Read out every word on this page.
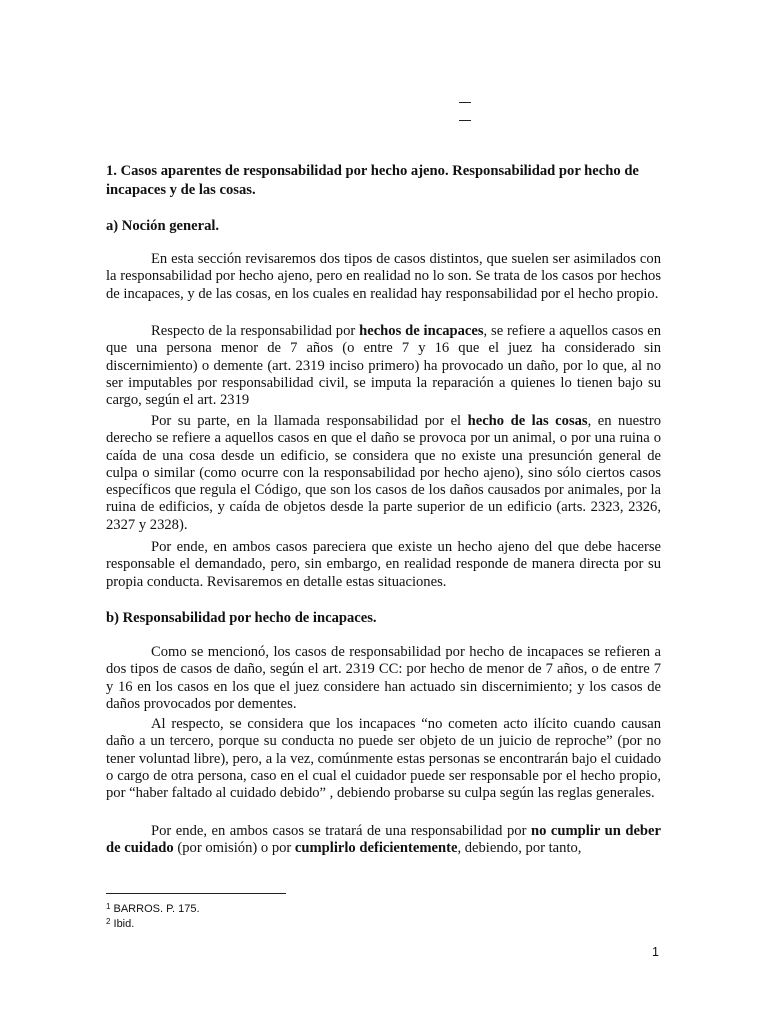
1. Casos aparentes de responsabilidad por hecho ajeno. Responsabilidad por hecho de incapaces y de las cosas.

a) Noción general.

En esta sección revisaremos dos tipos de casos distintos, que suelen ser asimilados con la responsabilidad por hecho ajeno, pero en realidad no lo son. Se trata de los casos por hechos de incapaces, y de las cosas, en los cuales en realidad hay responsabilidad por el hecho propio.

Respecto de la responsabilidad por hechos de incapaces, se refiere a aquellos casos en que una persona menor de 7 años (o entre 7 y 16 que el juez ha considerado sin discernimiento) o demente (art. 2319 inciso primero) ha provocado un daño, por lo que, al no ser imputables por responsabilidad civil, se imputa la reparación a quienes lo tienen bajo su cargo, según el art. 2319

Por su parte, en la llamada responsabilidad por el hecho de las cosas, en nuestro derecho se refiere a aquellos casos en que el daño se provoca por un animal, o por una ruina o caída de una cosa desde un edificio, se considera que no existe una presunción general de culpa o similar (como ocurre con la responsabilidad por hecho ajeno), sino sólo ciertos casos específicos que regula el Código, que son los casos de los daños causados por animales, por la ruina de edificios, y caída de objetos desde la parte superior de un edificio (arts. 2323, 2326, 2327 y 2328).

Por ende, en ambos casos pareciera que existe un hecho ajeno del que debe hacerse responsable el demandado, pero, sin embargo, en realidad responde de manera directa por su propia conducta. Revisaremos en detalle estas situaciones.

b) Responsabilidad por hecho de incapaces.

Como se mencionó, los casos de responsabilidad por hecho de incapaces se refieren a dos tipos de casos de daño, según el art. 2319 CC: por hecho de menor de 7 años, o de entre 7 y 16 en los casos en los que el juez considere han actuado sin discernimiento; y los casos de daños provocados por dementes.

Al respecto, se considera que los incapaces “no cometen acto ilícito cuando causan daño a un tercero, porque su conducta no puede ser objeto de un juicio de reproche” (por no tener voluntad libre), pero, a la vez, comúnmente estas personas se encontrarán bajo el cuidado o cargo de otra persona, caso en el cual el cuidador puede ser responsable por el hecho propio, por “haber faltado al cuidado debido” , debiendo probarse su culpa según las reglas generales.

Por ende, en ambos casos se tratará de una responsabilidad por no cumplir un deber de cuidado (por omisión) o por cumplirlo deficientemente, debiendo, por tanto,

$^1$ BARROS. P. 175.

$^2$ Ibid.

1
